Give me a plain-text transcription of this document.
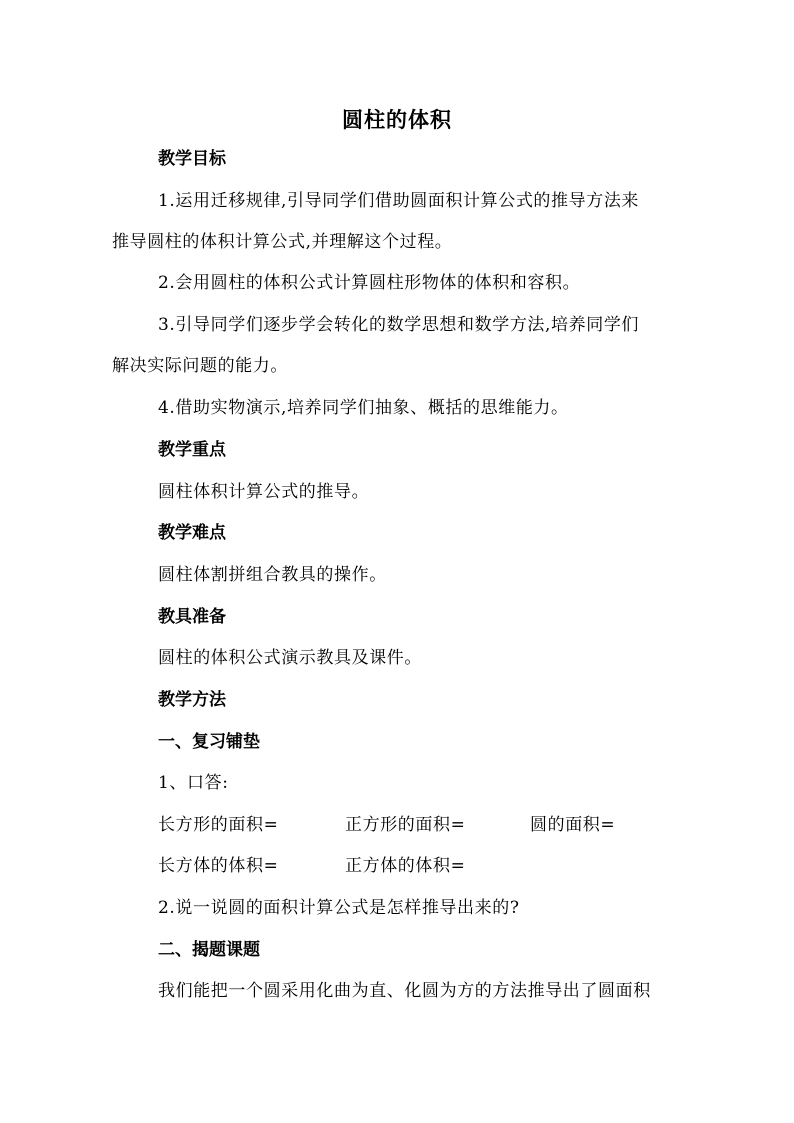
圆柱的体积
教学目标
1.运用迁移规律,引导同学们借助圆面积计算公式的推导方法来
推导圆柱的体积计算公式,并理解这个过程。
2.会用圆柱的体积公式计算圆柱形物体的体积和容积。
3.引导同学们逐步学会转化的数学思想和数学方法,培养同学们
解决实际问题的能力。
4.借助实物演示,培养同学们抽象、概括的思维能力。
教学重点
圆柱体积计算公式的推导。
教学难点
圆柱体割拼组合教具的操作。
教具准备
圆柱的体积公式演示教具及课件。
教学方法
一、复习铺垫
1、口答:
长方形的面积=	正方形的面积=	圆的面积=
长方体的体积=	正方体的体积=
2.说一说圆的面积计算公式是怎样推导出来的?
二、揭题课题
我们能把一个圆采用化曲为直、化圆为方的方法推导出了圆面积
